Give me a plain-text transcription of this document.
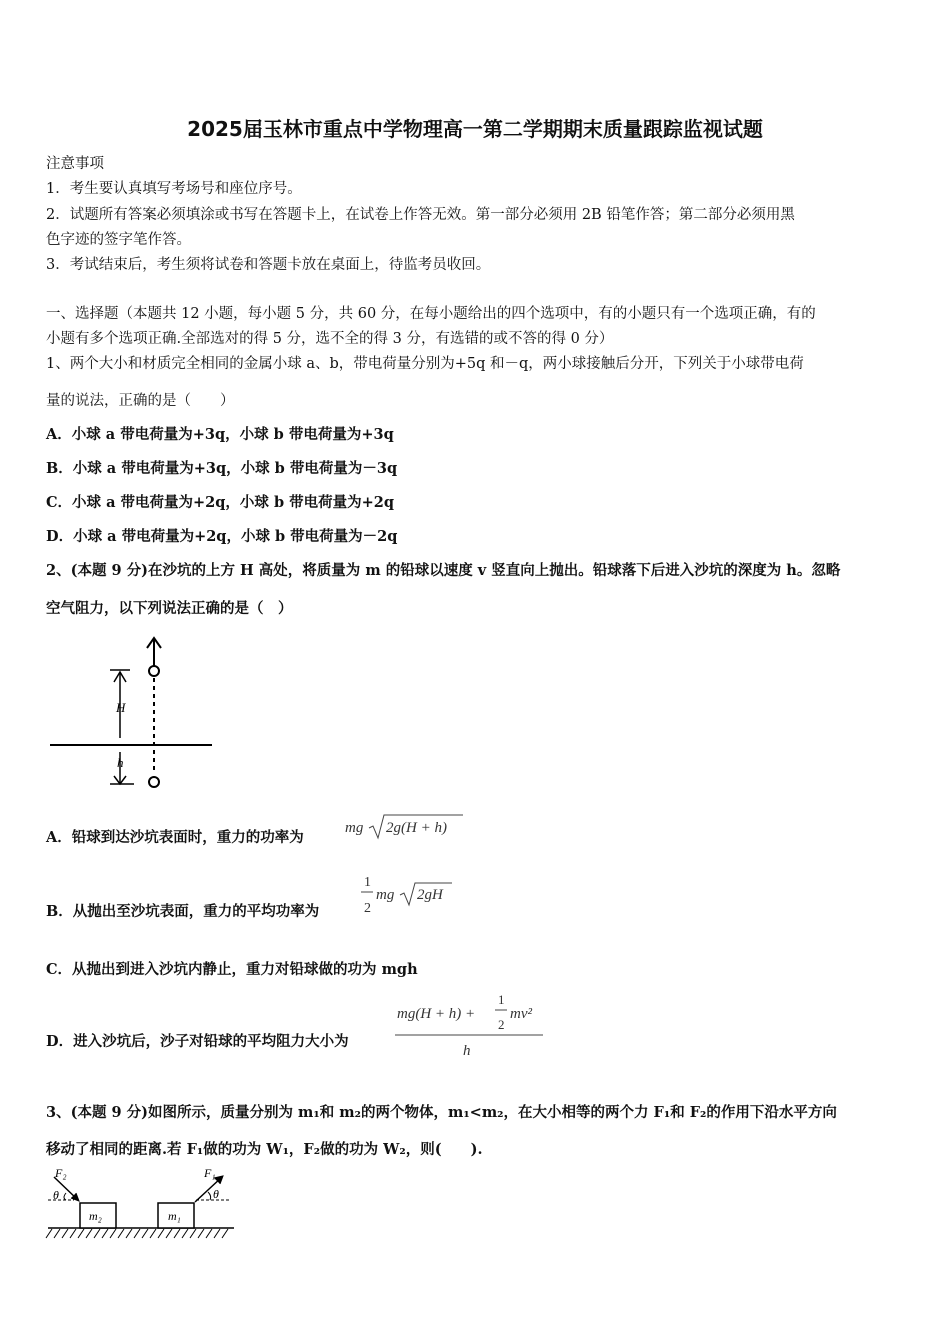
2025届玉林市重点中学物理高一第二学期期末质量跟踪监视试题
注意事项
1．考生要认真填写考场号和座位序号。
2．试题所有答案必须填涂或书写在答题卡上，在试卷上作答无效。第一部分必须用 2B 铅笔作答；第二部分必须用黑
色字迹的签字笔作答。
3．考试结束后，考生须将试卷和答题卡放在桌面上，待监考员收回。
一、选择题（本题共 12 小题，每小题 5 分，共 60 分，在每小题给出的四个选项中，有的小题只有一个选项正确，有的
小题有多个选项正确.全部选对的得 5 分，选不全的得 3 分，有选错的或不答的得 0 分）
1、两个大小和材质完全相同的金属小球 a、b，带电荷量分别为+5q 和－q，两小球接触后分开，下列关于小球带电荷
量的说法，正确的是（　　）
A．小球 a 带电荷量为+3q，小球 b 带电荷量为+3q
B．小球 a 带电荷量为+3q，小球 b 带电荷量为－3q
C．小球 a 带电荷量为+2q，小球 b 带电荷量为+2q
D．小球 a 带电荷量为+2q，小球 b 带电荷量为－2q
2、(本题 9 分)在沙坑的上方 H 高处，将质量为 m 的铅球以速度 v 竖直向上抛出。铅球落下后进入沙坑的深度为 h。忽略
空气阻力，以下列说法正确的是（　）
H
h
A．铅球到达沙坑表面时，重力的功率为
mg 2g(H + h)
B．从抛出至沙坑表面，重力的平均功率为
1
2
mg 2gH
C．从抛出到进入沙坑内静止，重力对铅球做的功为 mgh
D．进入沙坑后，沙子对铅球的平均阻力大小为
mg(H + h) +
1
2
mv²
h
3、(本题 9 分)如图所示，质量分别为 m₁和 m₂的两个物体，m₁<m₂，在大小相等的两个力 F₁和 F₂的作用下沿水平方向
移动了相同的距离.若 F₁做的功为 W₁，F₂做的功为 W₂，则(　　).
m₂	m₁
F₂
θ
F₁
θ
